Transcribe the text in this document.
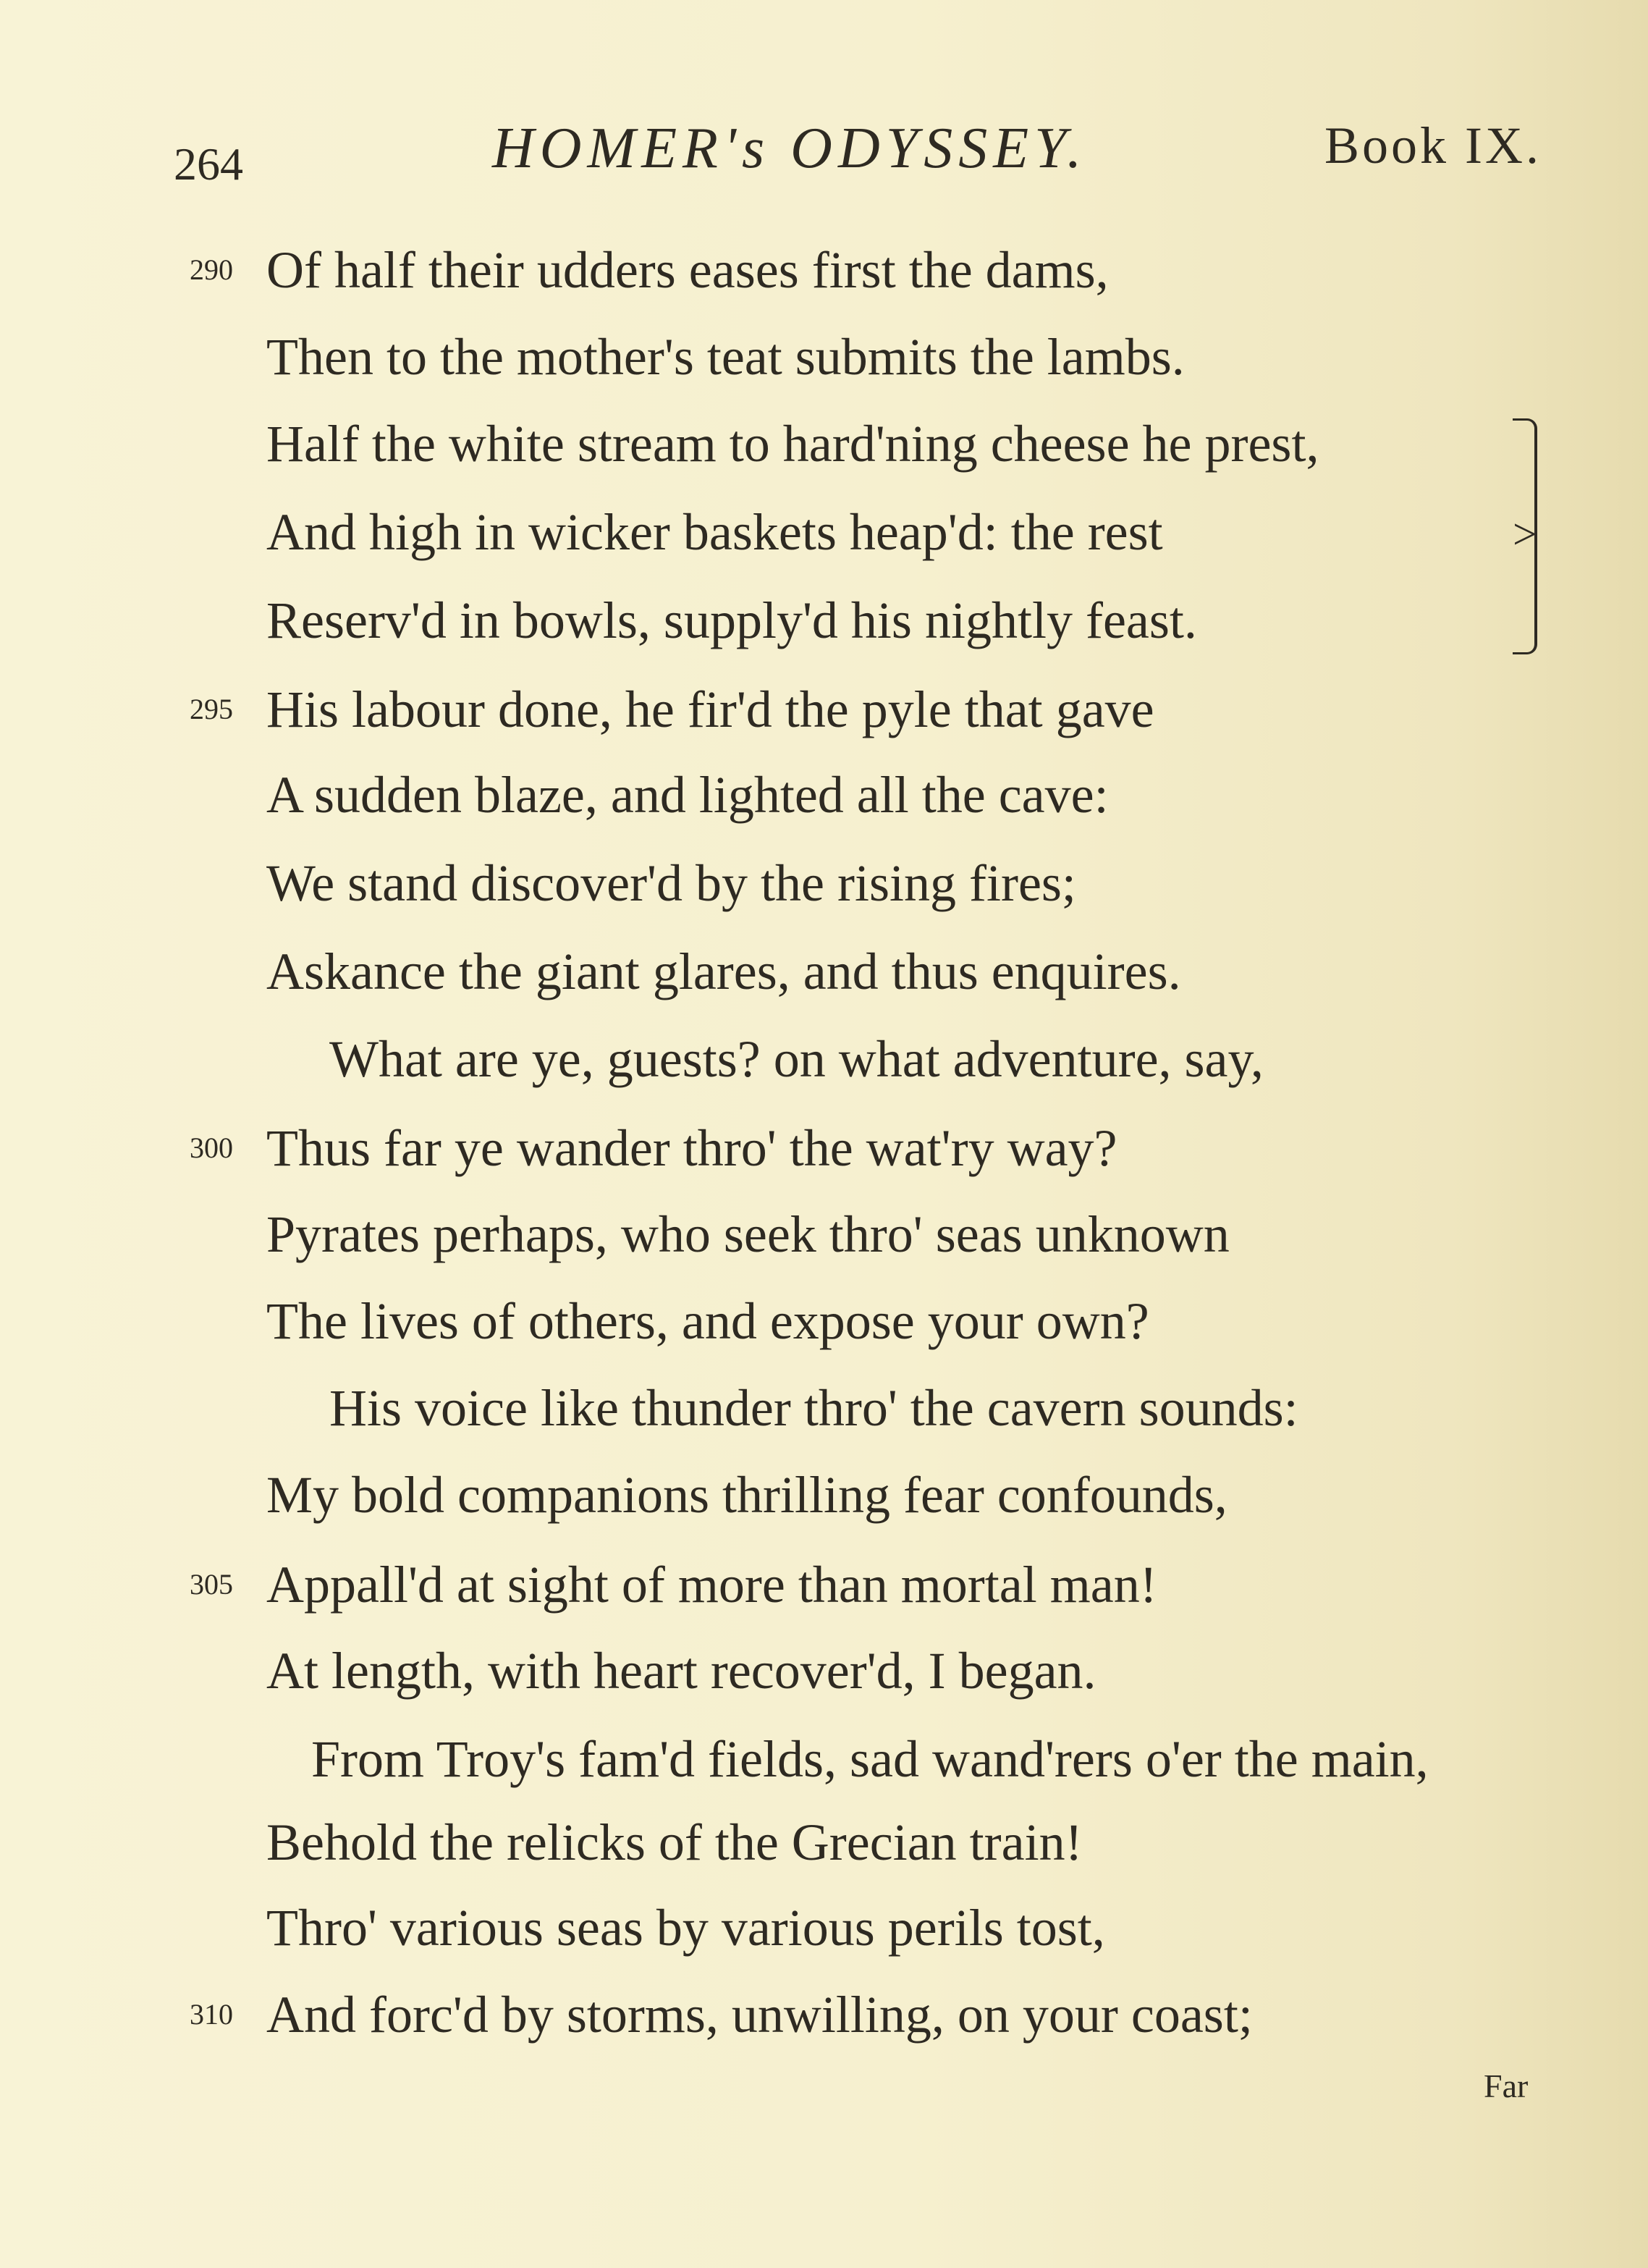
264	HOMER's ODYSSEY.	Book IX.
290
295
300
305
310
Of half their udders eases first the dams,
Then to the mother's teat submits the lambs.
Half the white stream to hard'ning cheese he prest,
And high in wicker baskets heap'd: the rest
Reserv'd in bowls, supply'd his nightly feast.
His labour done, he fir'd the pyle that gave
A sudden blaze, and lighted all the cave:
We stand discover'd by the rising fires;
Askance the giant glares, and thus enquires.
What are ye, guests? on what adventure, say,
Thus far ye wander thro' the wat'ry way?
Pyrates perhaps, who seek thro' seas unknown
The lives of others, and expose your own?
His voice like thunder thro' the cavern sounds:
My bold companions thrilling fear confounds,
Appall'd at sight of more than mortal man!
At length, with heart recover'd, I began.
From Troy's fam'd fields, sad wand'rers o'er the main,
Behold the relicks of the Grecian train!
Thro' various seas by various perils tost,
And forc'd by storms, unwilling, on your coast;
>
Far
